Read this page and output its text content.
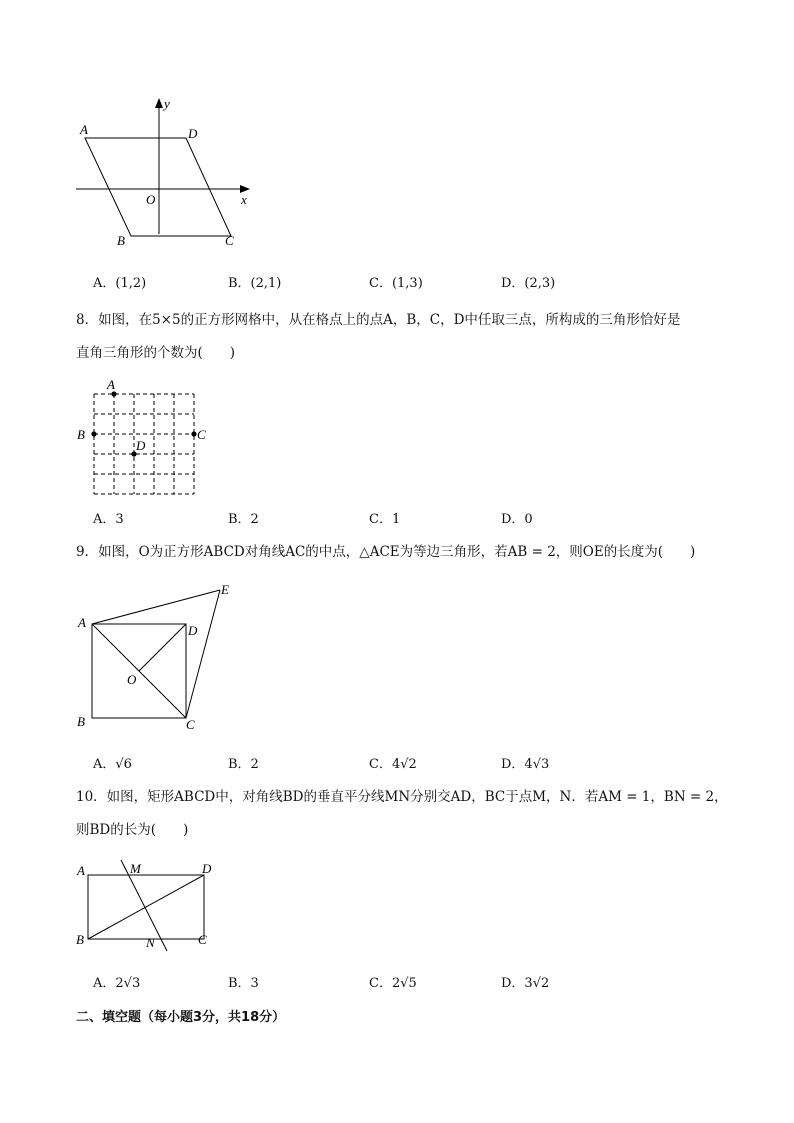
y
x
O
A	D
B	C
A．(1,2)	B．(2,1)	C．(1,3)	D．(2,3)
8．如图，在5×5的正方形网格中，从在格点上的点A，B，C，D中任取三点，所构成的三角形恰好是
直角三角形的个数为(　　)
A
B	C
D
A．3	B．2	C．1	D．0
9．如图，O为正方形ABCD对角线AC的中点，△ACE为等边三角形，若AB = 2，则OE的长度为(　　)
A
B	C
D
E
O
A．√6	B．2	C．4√2	D．4√3
10．如图，矩形ABCD中，对角线BD的垂直平分线MN分别交AD，BC于点M，N．若AM = 1，BN = 2，
则BD的长为(　　)
A	M	D
B	N	C
A．2√3	B．3	C．2√5	D．3√2
二、填空题（每小题3分，共18分）
